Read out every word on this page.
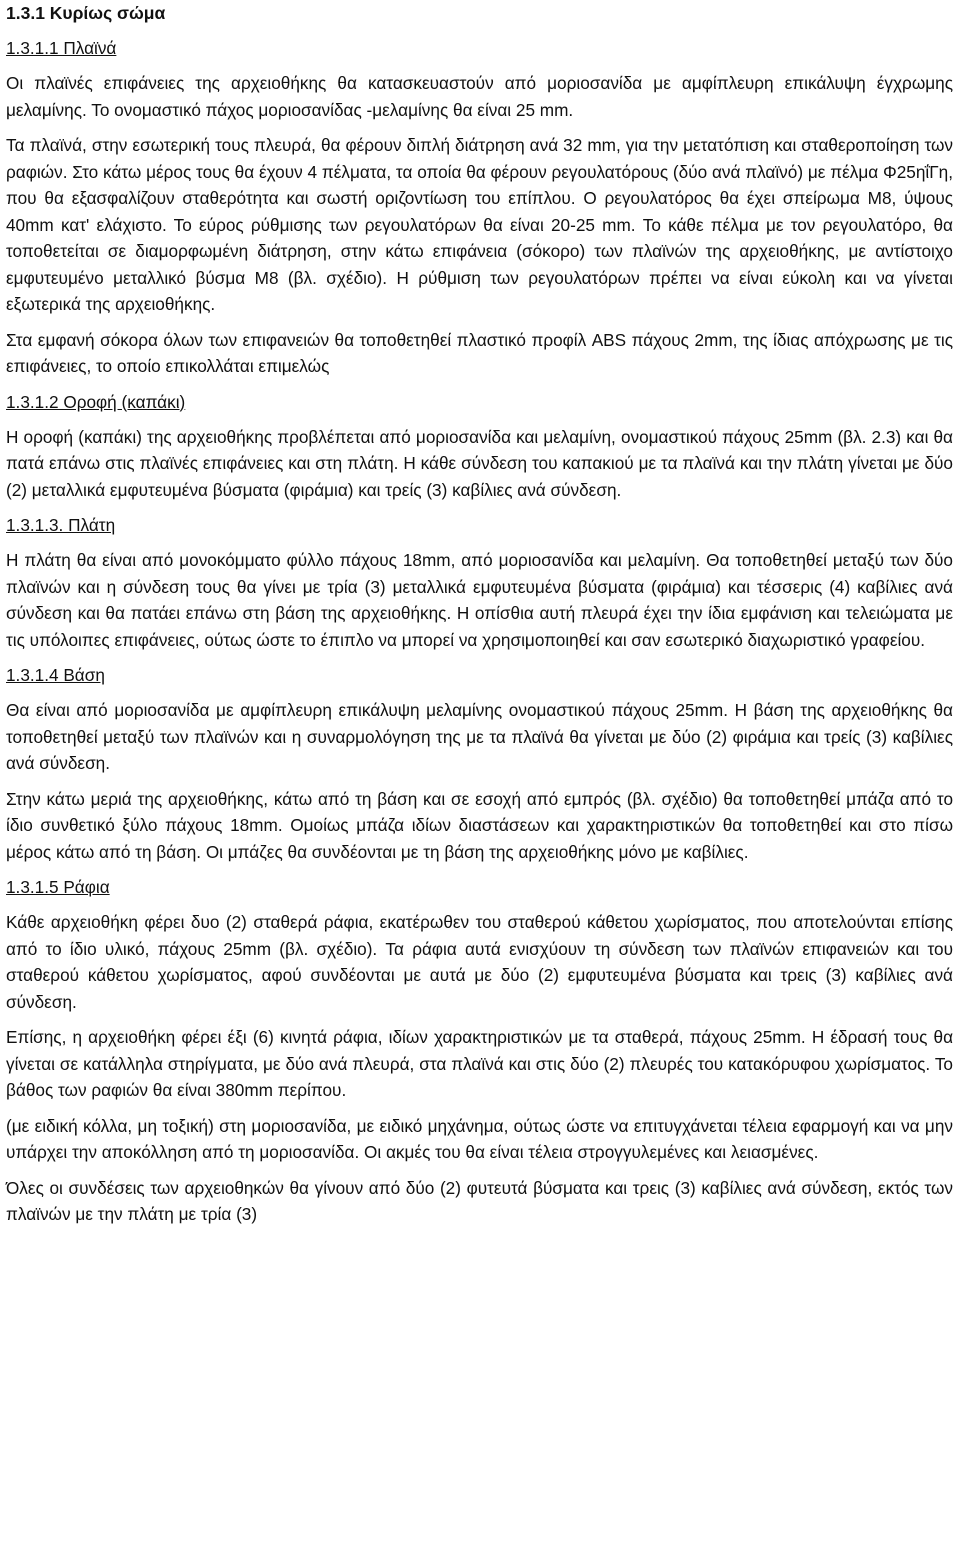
1.3.1 Κυρίως σώμα
1.3.1.1 Πλαϊνά

Οι πλαϊνές επιφάνειες της αρχειοθήκης θα κατασκευαστούν από μοριοσανίδα με αμφίπλευρη επικάλυψη έγχρωμης μελαμίνης. Το ονομαστικό πάχος μοριοσανίδας -μελαμίνης θα είναι 25 mm.

Τα πλαϊνά, στην εσωτερική τους πλευρά, θα φέρουν διπλή διάτρηση ανά 32 mm, για την μετατόπιση και σταθεροποίηση των ραφιών. Στο κάτω μέρος τους θα έχουν 4 πέλματα, τα οποία θα φέρουν ρεγουλατόρους (δύο ανά πλαϊνό) με πέλμα Φ25ηΐΓη, που θα εξασφαλίζουν σταθερότητα και σωστή οριζοντίωση του επίπλου. Ο ρεγουλατόρος θα έχει σπείρωμα Μ8, ύψους 40mm κατ' ελάχιστο. Το εύρος ρύθμισης των ρεγουλατόρων θα είναι 20-25 mm. Το κάθε πέλμα με τον ρεγουλατόρο, θα τοποθετείται σε διαμορφωμένη διάτρηση, στην κάτω επιφάνεια (σόκορο) των πλαϊνών της αρχειοθήκης, με αντίστοιχο εμφυτευμένο μεταλλικό βύσμα Μ8 (βλ. σχέδιο). Η ρύθμιση των ρεγουλατόρων πρέπει να είναι εύκολη και να γίνεται εξωτερικά της αρχειοθήκης.

Στα εμφανή σόκορα όλων των επιφανειών θα τοποθετηθεί πλαστικό προφίλ ABS πάχους 2mm, της ίδιας απόχρωσης με τις επιφάνειες, το οποίο επικολλάται επιμελώς

1.3.1.2 Οροφή (καπάκι)

Η οροφή (καπάκι) της αρχειοθήκης προβλέπεται από μοριοσανίδα και μελαμίνη, ονομαστικού πάχους 25mm (βλ. 2.3) και θα πατά επάνω στις πλαϊνές επιφάνειες και στη πλάτη. Η κάθε σύνδεση του καπακιού με τα πλαϊνά και την πλάτη γίνεται με δύο (2) μεταλλικά εμφυτευμένα βύσματα (φιράμια) και τρείς (3) καβίλιες ανά σύνδεση.

1.3.1.3. Πλάτη

Η πλάτη θα είναι από μονοκόμματο φύλλο πάχους 18mm, από μοριοσανίδα και μελαμίνη. Θα τοποθετηθεί μεταξύ των δύο πλαϊνών και η σύνδεση τους θα γίνει με τρία (3) μεταλλικά εμφυτευμένα βύσματα (φιράμια) και τέσσερις (4) καβίλιες ανά σύνδεση και θα πατάει επάνω στη βάση της αρχειοθήκης. Η οπίσθια αυτή πλευρά έχει την ίδια εμφάνιση και τελειώματα με τις υπόλοιπες επιφάνειες, ούτως ώστε το έπιπλο να μπορεί να χρησιμοποιηθεί και σαν εσωτερικό διαχωριστικό γραφείου.

1.3.1.4 Βάση

Θα είναι από μοριοσανίδα με αμφίπλευρη επικάλυψη μελαμίνης ονομαστικού πάχους 25mm. Η βάση της αρχειοθήκης θα τοποθετηθεί μεταξύ των πλαϊνών και η συναρμολόγηση της με τα πλαϊνά θα γίνεται με δύο (2) φιράμια και τρείς (3) καβίλιες ανά σύνδεση.

Στην κάτω μεριά της αρχειοθήκης, κάτω από τη βάση και σε εσοχή από εμπρός (βλ. σχέδιο) θα τοποθετηθεί μπάζα από το ίδιο συνθετικό ξύλο πάχους 18mm. Ομοίως μπάζα ιδίων διαστάσεων και χαρακτηριστικών θα τοποθετηθεί και στο πίσω μέρος κάτω από τη βάση. Οι μπάζες θα συνδέονται με τη βάση της αρχειοθήκης μόνο με καβίλιες.

1.3.1.5 Ράφια

Κάθε αρχειοθήκη φέρει δυο (2) σταθερά ράφια, εκατέρωθεν του σταθερού κάθετου χωρίσματος, που αποτελούνται επίσης από το ίδιο υλικό, πάχους 25mm (βλ. σχέδιο). Τα ράφια αυτά ενισχύουν τη σύνδεση των πλαϊνών επιφανειών και του σταθερού κάθετου χωρίσματος, αφού συνδέονται με αυτά με δύο (2) εμφυτευμένα βύσματα και τρεις (3) καβίλιες ανά σύνδεση.

Επίσης, η αρχειοθήκη φέρει έξι (6) κινητά ράφια, ιδίων χαρακτηριστικών με τα σταθερά, πάχους 25mm. Η έδρασή τους θα γίνεται σε κατάλληλα στηρίγματα, με δύο ανά πλευρά, στα πλαϊνά και στις δύο (2) πλευρές του κατακόρυφου χωρίσματος. Το βάθος των ραφιών θα είναι 380mm περίπου.

(με ειδική κόλλα, μη τοξική) στη μοριοσανίδα, με ειδικό μηχάνημα, ούτως ώστε να επιτυγχάνεται τέλεια εφαρμογή και να μην υπάρχει την αποκόλληση από τη μοριοσανίδα. Οι ακμές του θα είναι τέλεια στρογγυλεμένες και λειασμένες.

Όλες οι συνδέσεις των αρχειοθηκών θα γίνουν από δύο (2) φυτευτά βύσματα και τρεις (3) καβίλιες ανά σύνδεση, εκτός των πλαϊνών με την πλάτη με τρία (3)
